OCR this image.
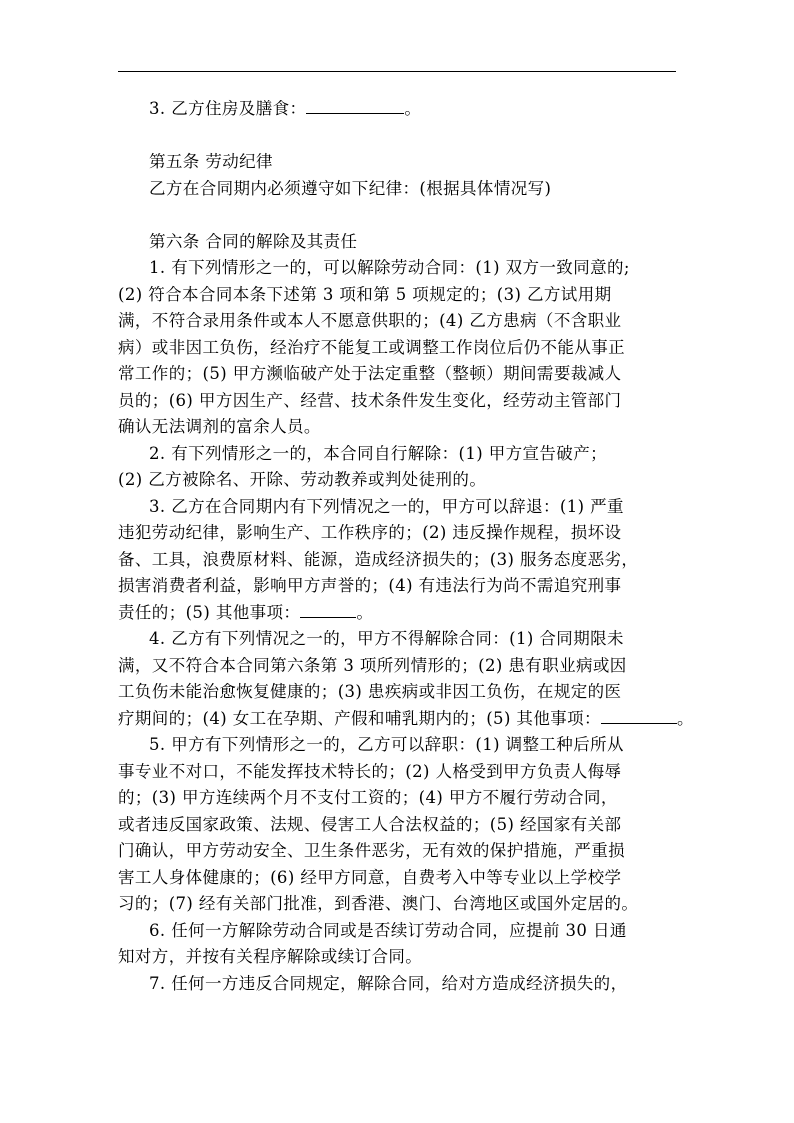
3. 乙方住房及膳食：	。
第五条 劳动纪律
乙方在合同期内必须遵守如下纪律：(根据具体情况写)
第六条 合同的解除及其责任
1. 有下列情形之一的，可以解除劳动合同：(1) 双方一致同意的;
(2) 符合本合同本条下述第 3 项和第 5 项规定的；(3) 乙方试用期
满，不符合录用条件或本人不愿意供职的；(4) 乙方患病（不含职业
病）或非因工负伤，经治疗不能复工或调整工作岗位后仍不能从事正
常工作的；(5) 甲方濒临破产处于法定重整（整顿）期间需要裁减人
员的；(6) 甲方因生产、经营、技术条件发生变化，经劳动主管部门
确认无法调剂的富余人员。
2. 有下列情形之一的，本合同自行解除：(1) 甲方宣告破产；
(2) 乙方被除名、开除、劳动教养或判处徒刑的。
3. 乙方在合同期内有下列情况之一的，甲方可以辞退：(1) 严重
违犯劳动纪律，影响生产、工作秩序的；(2) 违反操作规程，损坏设
备、工具，浪费原材料、能源，造成经济损失的；(3) 服务态度恶劣，
损害消费者利益，影响甲方声誉的；(4) 有违法行为尚不需追究刑事
责任的；(5) 其他事项：	。
4. 乙方有下列情况之一的，甲方不得解除合同：(1) 合同期限未
满，又不符合本合同第六条第 3 项所列情形的；(2) 患有职业病或因
工负伤未能治愈恢复健康的；(3) 患疾病或非因工负伤，在规定的医
疗期间的；(4) 女工在孕期、产假和哺乳期内的；(5) 其他事项：	。
5. 甲方有下列情形之一的，乙方可以辞职：(1) 调整工种后所从
事专业不对口，不能发挥技术特长的；(2) 人格受到甲方负责人侮辱
的；(3) 甲方连续两个月不支付工资的；(4) 甲方不履行劳动合同，
或者违反国家政策、法规、侵害工人合法权益的；(5) 经国家有关部
门确认，甲方劳动安全、卫生条件恶劣，无有效的保护措施，严重损
害工人身体健康的；(6) 经甲方同意，自费考入中等专业以上学校学
习的；(7) 经有关部门批准，到香港、澳门、台湾地区或国外定居的。
6. 任何一方解除劳动合同或是否续订劳动合同，应提前 30 日通
知对方，并按有关程序解除或续订合同。
7. 任何一方违反合同规定，解除合同，给对方造成经济损失的，
